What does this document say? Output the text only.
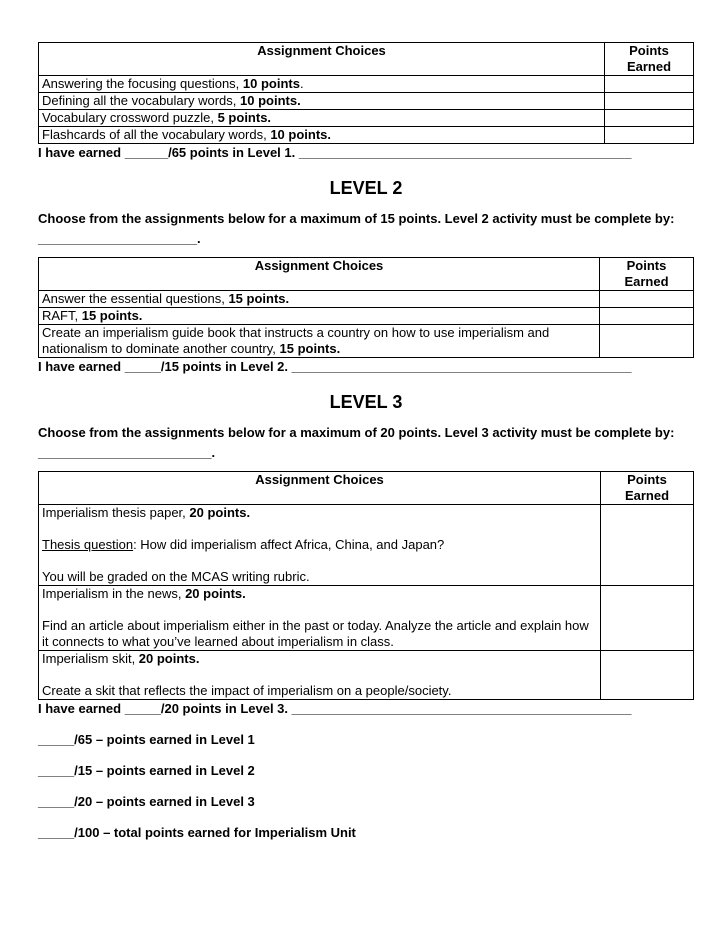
Assignment Choices	Points Earned
Answering the focusing questions, 10 points.	
Defining all the vocabulary words, 10 points.	
Vocabulary crossword puzzle, 5 points.	
Flashcards of all the vocabulary words, 10 points.	
I have earned ______/65 points in Level 1. ______________________________________________
LEVEL 2
Choose from the assignments below for a maximum of 15 points. Level 2 activity must be complete by: ______________________.
Assignment Choices	Points Earned
Answer the essential questions, 15 points.	
RAFT, 15 points.	
Create an imperialism guide book that instructs a country on how to use imperialism and nationalism to dominate another country, 15 points.	
I have earned _____/15 points in Level 2. _______________________________________________
LEVEL 3
Choose from the assignments below for a maximum of 20 points. Level 3 activity must be complete by: ________________________.
Assignment Choices	Points Earned

Imperialism thesis paper, 20 points.
Thesis question: How did imperialism affect Africa, China, and Japan?
You will be graded on the MCAS writing rubric.	

Imperialism in the news, 20 points.
Find an article about imperialism either in the past or today. Analyze the article and explain how it connects to what you’ve learned about imperialism in class.	

Imperialism skit, 20 points.
Create a skit that reflects the impact of imperialism on a people/society.	

I have earned _____/20 points in Level 3. _______________________________________________

_____/65 – points earned in Level 1

_____/15 – points earned in Level 2

_____/20 – points earned in Level 3

_____/100 – total points earned for Imperialism Unit
